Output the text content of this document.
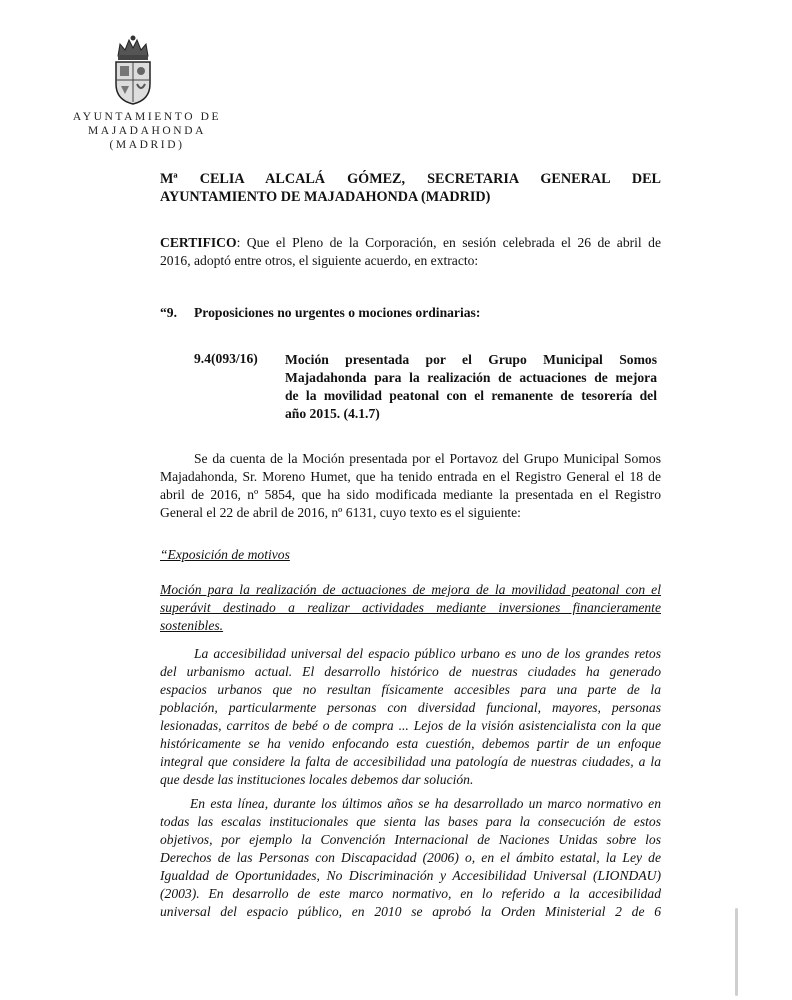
AYUNTAMIENTO DE
MAJADAHONDA
(MADRID)
Mª CELIA ALCALÁ GÓMEZ, SECRETARIA GENERAL DEL
AYUNTAMIENTO DE MAJADAHONDA (MADRID)
CERTIFICO: Que el Pleno de la Corporación, en sesión celebrada el 26 de abril de
2016, adoptó entre otros, el siguiente acuerdo, en extracto:
“9. Proposiciones no urgentes o mociones ordinarias:
9.4(093/16) Moción presentada por el Grupo Municipal Somos
Majadahonda para la realización de actuaciones de mejora
de la movilidad peatonal con el remanente de tesorería del
año 2015. (4.1.7)
Se da cuenta de la Moción presentada por el Portavoz del Grupo Municipal Somos
Majadahonda, Sr. Moreno Humet, que ha tenido entrada en el Registro General el 18 de
abril de 2016, nº 5854, que ha sido modificada mediante la presentada en el Registro
General el 22 de abril de 2016, nº 6131, cuyo texto es el siguiente:
“Exposición de motivos
Moción para la realización de actuaciones de mejora de la movilidad peatonal con el
superávit destinado a realizar actividades mediante inversiones financieramente
sostenibles.
La accesibilidad universal del espacio público urbano es uno de los grandes retos
del urbanismo actual. El desarrollo histórico de nuestras ciudades ha generado
espacios urbanos que no resultan físicamente accesibles para una parte de la
población, particularmente personas con diversidad funcional, mayores, personas
lesionadas, carritos de bebé o de compra ... Lejos de la visión asistencialista con la que
históricamente se ha venido enfocando esta cuestión, debemos partir de un enfoque
integral que considere la falta de accesibilidad una patología de nuestras ciudades, a la
que desde las instituciones locales debemos dar solución.
En esta línea, durante los últimos años se ha desarrollado un marco normativo en
todas las escalas institucionales que sienta las bases para la consecución de estos
objetivos, por ejemplo la Convención Internacional de Naciones Unidas sobre los
Derechos de las Personas con Discapacidad (2006) o, en el ámbito estatal, la Ley de
Igualdad de Oportunidades, No Discriminación y Accesibilidad Universal (LIONDAU)
(2003). En desarrollo de este marco normativo, en lo referido a la accesibilidad
universal del espacio público, en 2010 se aprobó la Orden Ministerial 2 de 6
